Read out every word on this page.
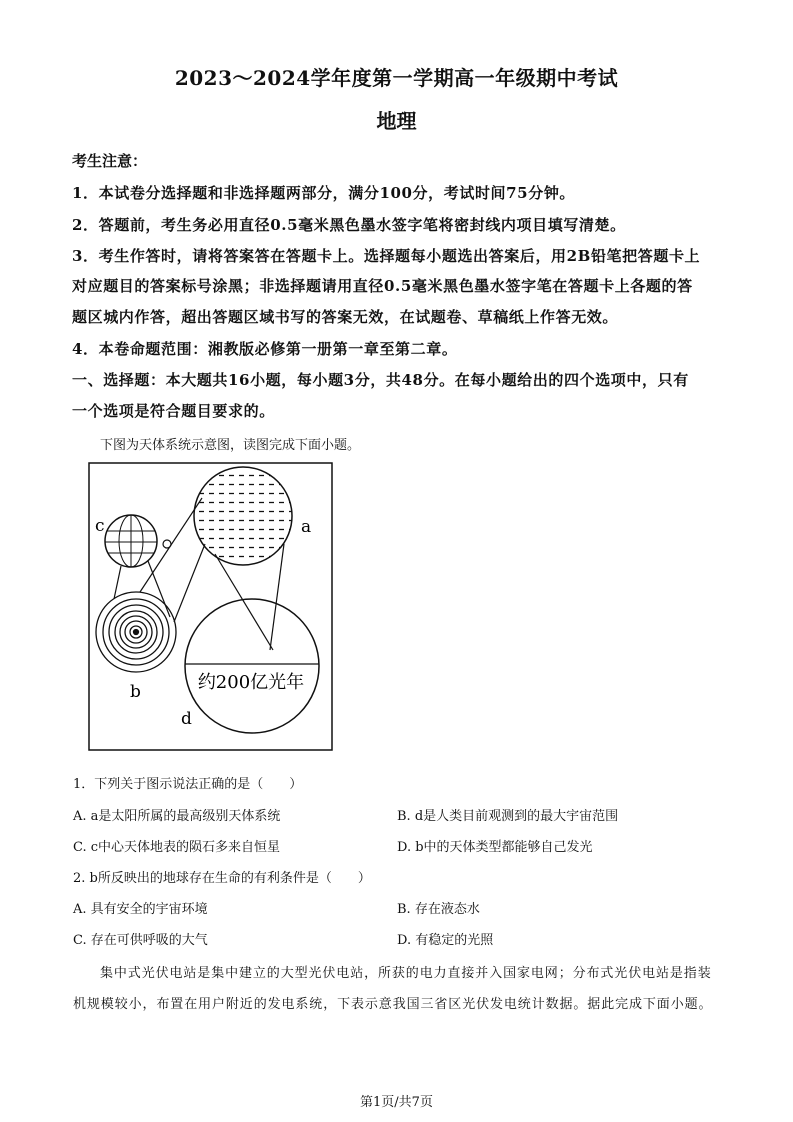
2023～2024学年度第一学期高一年级期中考试
地理
考生注意：
1．本试卷分选择题和非选择题两部分，满分100分，考试时间75分钟。
2．答题前，考生务必用直径0.5毫米黑色墨水签字笔将密封线内项目填写清楚。
3．考生作答时，请将答案答在答题卡上。选择题每小题选出答案后，用2B铅笔把答题卡上
对应题目的答案标号涂黑；非选择题请用直径0.5毫米黑色墨水签字笔在答题卡上各题的答
题区城内作答，超出答题区域书写的答案无效，在试题卷、草稿纸上作答无效。
4．本卷命题范围：湘教版必修第一册第一章至第二章。
一、选择题：本大题共16小题，每小题3分，共48分。在每小题给出的四个选项中，只有
一个选项是符合题目要求的。
下图为天体系统示意图，读图完成下面小题。
c	a
b
d
约200亿光年
1．下列关于图示说法正确的是（　　）
A. a是太阳所属的最高级别天体系统	B. d是人类目前观测到的最大宇宙范围
C. c中心天体地表的陨石多来自恒星	D. b中的天体类型都能够自己发光
2. b所反映出的地球存在生命的有利条件是（　　）
A. 具有安全的宇宙环境	B. 存在液态水
C. 存在可供呼吸的大气	D. 有稳定的光照
集中式光伏电站是集中建立的大型光伏电站，所获的电力直接并入国家电网；分布式光伏电站是指装
机规模较小，布置在用户附近的发电系统，下表示意我国三省区光伏发电统计数据。据此完成下面小题。
第1页/共7页
